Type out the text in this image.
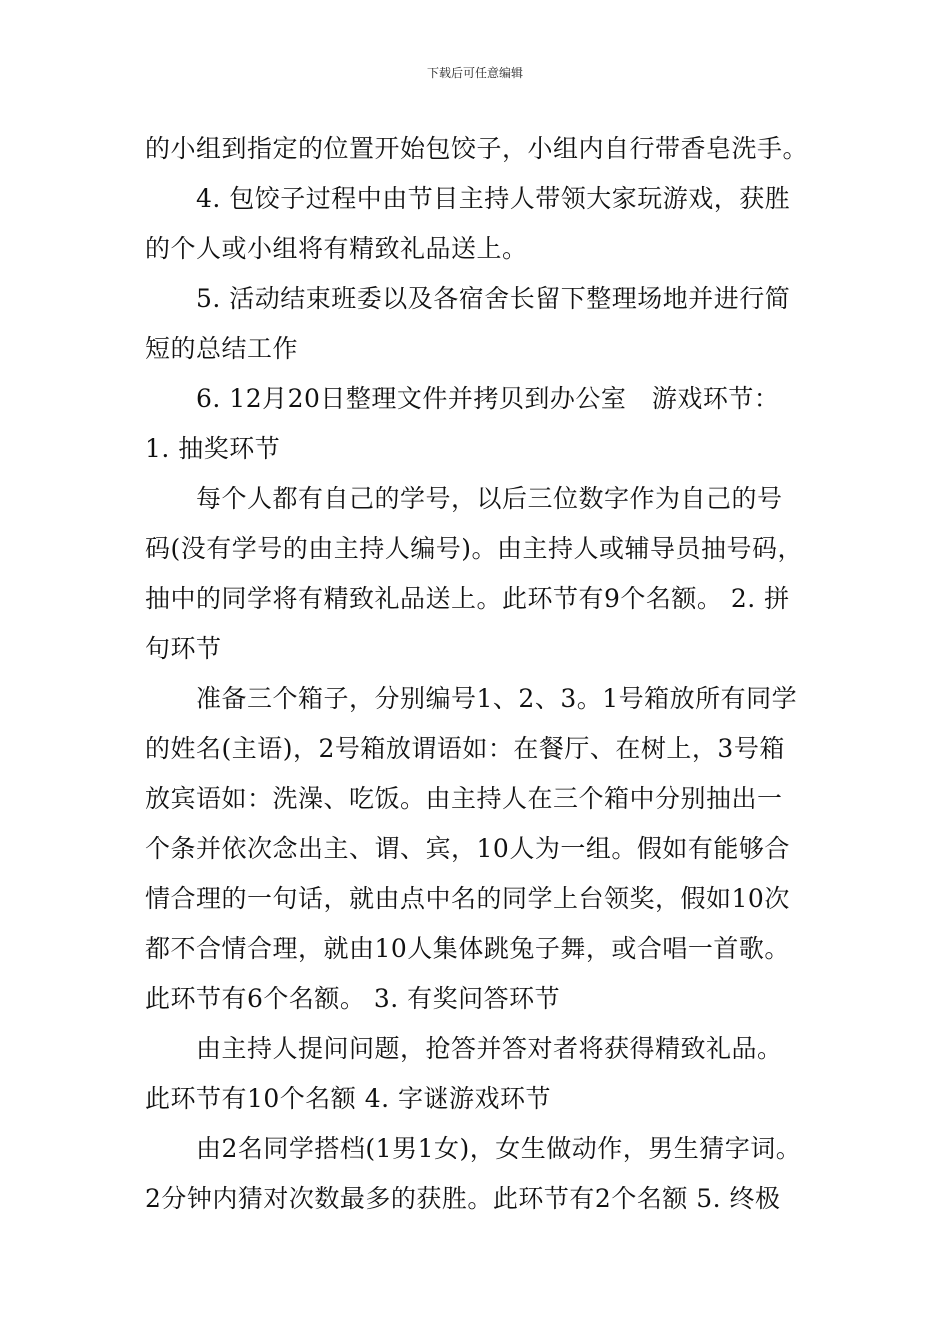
下载后可任意编辑
的小组到指定的位置开始包饺子，小组内自行带香皂洗手。
4. 包饺子过程中由节目主持人带领大家玩游戏，获胜
的个人或小组将有精致礼品送上。
5. 活动结束班委以及各宿舍长留下整理场地并进行简
短的总结工作
6. 12月20日整理文件并拷贝到办公室　游戏环节：
1. 抽奖环节
每个人都有自己的学号，以后三位数字作为自己的号
码(没有学号的由主持人编号)。由主持人或辅导员抽号码，
抽中的同学将有精致礼品送上。此环节有9个名额。 2. 拼
句环节
准备三个箱子，分别编号1、2、3。1号箱放所有同学
的姓名(主语)，2号箱放谓语如：在餐厅、在树上，3号箱
放宾语如：洗澡、吃饭。由主持人在三个箱中分别抽出一
个条并依次念出主、谓、宾，10人为一组。假如有能够合
情合理的一句话，就由点中名的同学上台领奖，假如10次
都不合情合理，就由10人集体跳兔子舞，或合唱一首歌。
此环节有6个名额。 3. 有奖问答环节
由主持人提问问题，抢答并答对者将获得精致礼品。
此环节有10个名额 4. 字谜游戏环节
由2名同学搭档(1男1女)，女生做动作，男生猜字词。
2分钟内猜对次数最多的获胜。此环节有2个名额 5. 终极
